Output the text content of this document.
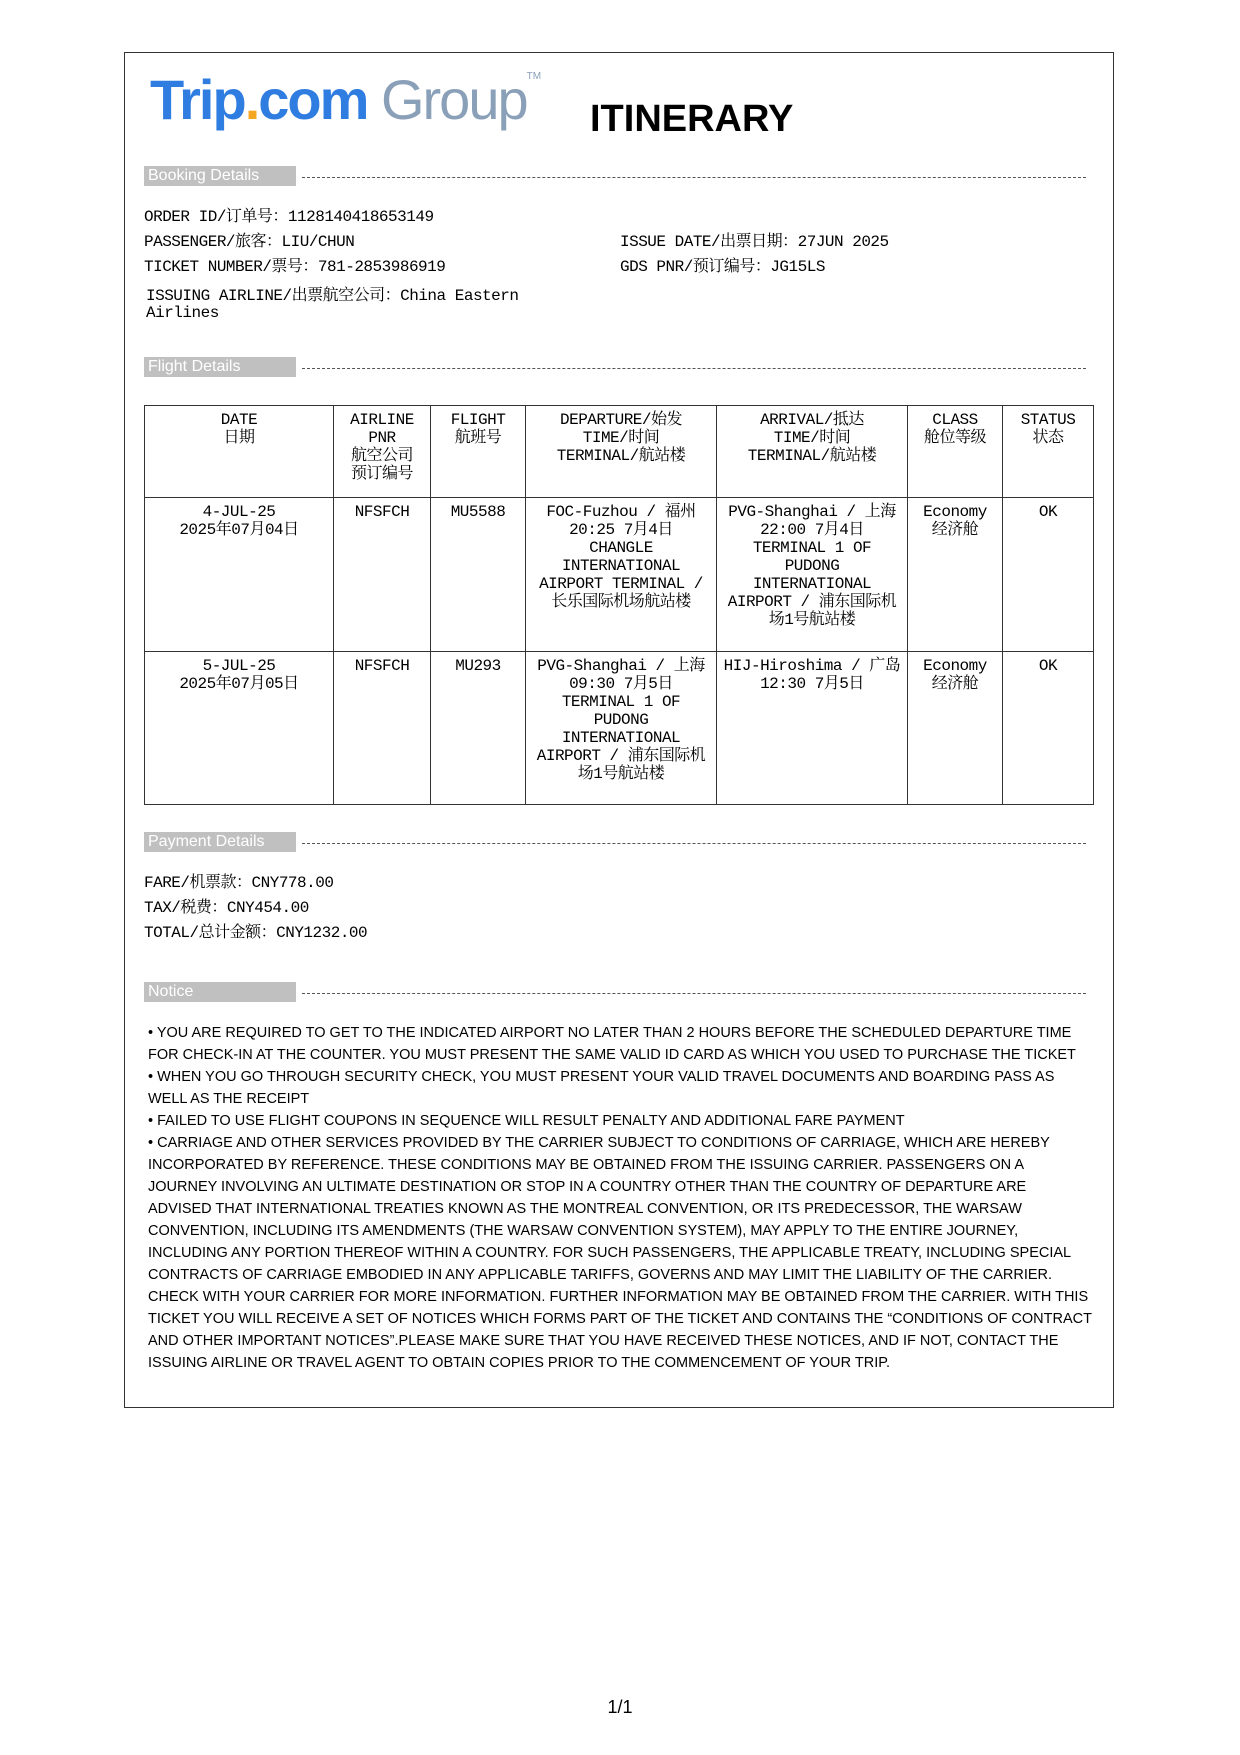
Trip.com Group™
ITINERARY
Booking Details
ORDER ID/订单号：1128140418653149
PASSENGER/旅客：LIU/CHUN
TICKET NUMBER/票号：781-2853986919
ISSUE DATE/出票日期：27JUN 2025
GDS PNR/预订编号：JG15LS
ISSUING AIRLINE/出票航空公司：China Eastern
Airlines
Flight Details
DATE
日期	AIRLINE
PNR
航空公司
预订编号	FLIGHT
航班号	DEPARTURE/始发
TIME/时间
TERMINAL/航站楼	ARRIVAL/抵达
TIME/时间
TERMINAL/航站楼	CLASS
舱位等级	STATUS
状态
4-JUL-25
2025年07月04日	NFSFCH	MU5588	FOC-Fuzhou / 福州
20:25 7月4日
CHANGLE INTERNATIONAL AIRPORT TERMINAL / 长乐国际机场航站楼	PVG-Shanghai / 上海
22:00 7月4日
TERMINAL 1 OF PUDONG INTERNATIONAL AIRPORT / 浦东国际机场1号航站楼	Economy
经济舱	OK
5-JUL-25
2025年07月05日	NFSFCH	MU293	PVG-Shanghai / 上海
09:30 7月5日
TERMINAL 1 OF PUDONG INTERNATIONAL AIRPORT / 浦东国际机场1号航站楼	HIJ-Hiroshima / 广岛
12:30 7月5日	Economy
经济舱	OK
Payment Details
FARE/机票款：CNY778.00
TAX/税费：CNY454.00
TOTAL/总计金额：CNY1232.00
Notice

• YOU ARE REQUIRED TO GET TO THE INDICATED AIRPORT NO LATER THAN 2 HOURS BEFORE THE SCHEDULED DEPARTURE TIME FOR CHECK-IN AT THE COUNTER. YOU MUST PRESENT THE SAME VALID ID CARD AS WHICH YOU USED TO PURCHASE THE TICKET

• WHEN YOU GO THROUGH SECURITY CHECK, YOU MUST PRESENT YOUR VALID TRAVEL DOCUMENTS AND BOARDING PASS AS WELL AS THE RECEIPT

• FAILED TO USE FLIGHT COUPONS IN SEQUENCE WILL RESULT PENALTY AND ADDITIONAL FARE PAYMENT

• CARRIAGE AND OTHER SERVICES PROVIDED BY THE CARRIER SUBJECT TO CONDITIONS OF CARRIAGE, WHICH ARE HEREBY INCORPORATED BY REFERENCE. THESE CONDITIONS MAY BE OBTAINED FROM THE ISSUING CARRIER. PASSENGERS ON A JOURNEY INVOLVING AN ULTIMATE DESTINATION OR STOP IN A COUNTRY OTHER THAN THE COUNTRY OF DEPARTURE ARE ADVISED THAT INTERNATIONAL TREATIES KNOWN AS THE MONTREAL CONVENTION, OR ITS PREDECESSOR, THE WARSAW CONVENTION, INCLUDING ITS AMENDMENTS (THE WARSAW CONVENTION SYSTEM), MAY APPLY TO THE ENTIRE JOURNEY, INCLUDING ANY PORTION THEREOF WITHIN A COUNTRY. FOR SUCH PASSENGERS, THE APPLICABLE TREATY, INCLUDING SPECIAL CONTRACTS OF CARRIAGE EMBODIED IN ANY APPLICABLE TARIFFS, GOVERNS AND MAY LIMIT THE LIABILITY OF THE CARRIER. CHECK WITH YOUR CARRIER FOR MORE INFORMATION. FURTHER INFORMATION MAY BE OBTAINED FROM THE CARRIER. WITH THIS TICKET YOU WILL RECEIVE A SET OF NOTICES WHICH FORMS PART OF THE TICKET AND CONTAINS THE “CONDITIONS OF CONTRACT AND OTHER IMPORTANT NOTICES”.PLEASE MAKE SURE THAT YOU HAVE RECEIVED THESE NOTICES, AND IF NOT, CONTACT THE ISSUING AIRLINE OR TRAVEL AGENT TO OBTAIN COPIES PRIOR TO THE COMMENCEMENT OF YOUR TRIP.

1/1
